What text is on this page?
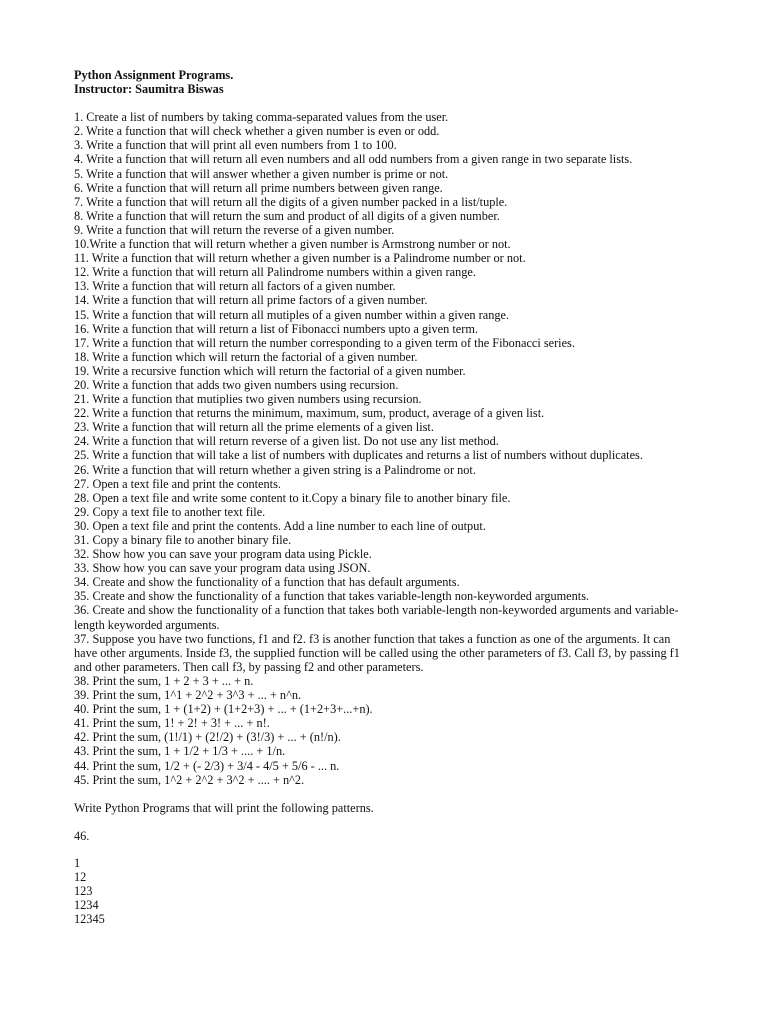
Python Assignment Programs.

Instructor: Saumitra Biswas

1. Create a list of numbers by taking comma-separated values from the user.
2. Write a function that will check whether a given number is even or odd.
3. Write a function that will print all even numbers from 1 to 100.
4. Write a function that will return all even numbers and all odd numbers from a given range in two separate lists.
5. Write a function that will answer whether a given number is prime or not.
6. Write a function that will return all prime numbers between given range.
7. Write a function that will return all the digits of a given number packed in a list/tuple.
8. Write a function that will return the sum and product of all digits of a given number.
9. Write a function that will return the reverse of a given number.
10.Write a function that will return whether a given number is Armstrong number or not.
11. Write a function that will return whether a given number is a Palindrome number or not.
12. Write a function that will return all Palindrome numbers within a given range.
13. Write a function that will return all factors of a given number.
14. Write a function that will return all prime factors of a given number.
15. Write a function that will return all mutiples of a given number within a given range.
16. Write a function that will return a list of Fibonacci numbers upto a given term.
17. Write a function that will return the number corresponding to a given term of the Fibonacci series.
18. Write a function which will return the factorial of a given number.
19. Write a recursive function which will return the factorial of a given number.
20. Write a function that adds two given numbers using recursion.
21. Write a function that mutiplies two given numbers using recursion.
22. Write a function that returns the minimum, maximum, sum, product, average of a given list.
23. Write a function that will return all the prime elements of a given list.
24. Write a function that will return reverse of a given list. Do not use any list method.
25. Write a function that will take a list of numbers with duplicates and returns a list of numbers without duplicates.
26. Write a function that will return whether a given string is a Palindrome or not.
27. Open a text file and print the contents.
28. Open a text file and write some content to it.Copy a binary file to another binary file.
29. Copy a text file to another text file.
30. Open a text file and print the contents. Add a line number to each line of output.
31. Copy a binary file to another binary file.
32. Show how you can save your program data using Pickle.
33. Show how you can save your program data using JSON.
34. Create and show the functionality of a function that has default arguments.
35. Create and show the functionality of a function that takes variable-length non-keyworded arguments.
36. Create and show the functionality of a function that takes both variable-length non-keyworded arguments and variable-length keyworded arguments.
37. Suppose you have two functions, f1 and f2. f3 is another function that takes a function as one of the arguments. It can have other arguments. Inside f3, the supplied function will be called using the other parameters of f3. Call f3, by passing f1 and other parameters. Then call f3, by passing f2 and other parameters.
38. Print the sum, 1 + 2 + 3 + ... + n.
39. Print the sum, 1^1 + 2^2 + 3^3 + ... + n^n.
40. Print the sum, 1 + (1+2) + (1+2+3) + ... + (1+2+3+...+n).
41. Print the sum, 1! + 2! + 3! + ... + n!.
42. Print the sum, (1!/1) + (2!/2) + (3!/3) + ... + (n!/n).
43. Print the sum, 1 + 1/2 + 1/3 + .... + 1/n.
44. Print the sum, 1/2 + (- 2/3) + 3/4 - 4/5 + 5/6 - ... n.
45. Print the sum, 1^2 + 2^2 + 3^2 + .... + n^2.

Write Python Programs that will print the following patterns.

46.

1
12
123
1234
12345
